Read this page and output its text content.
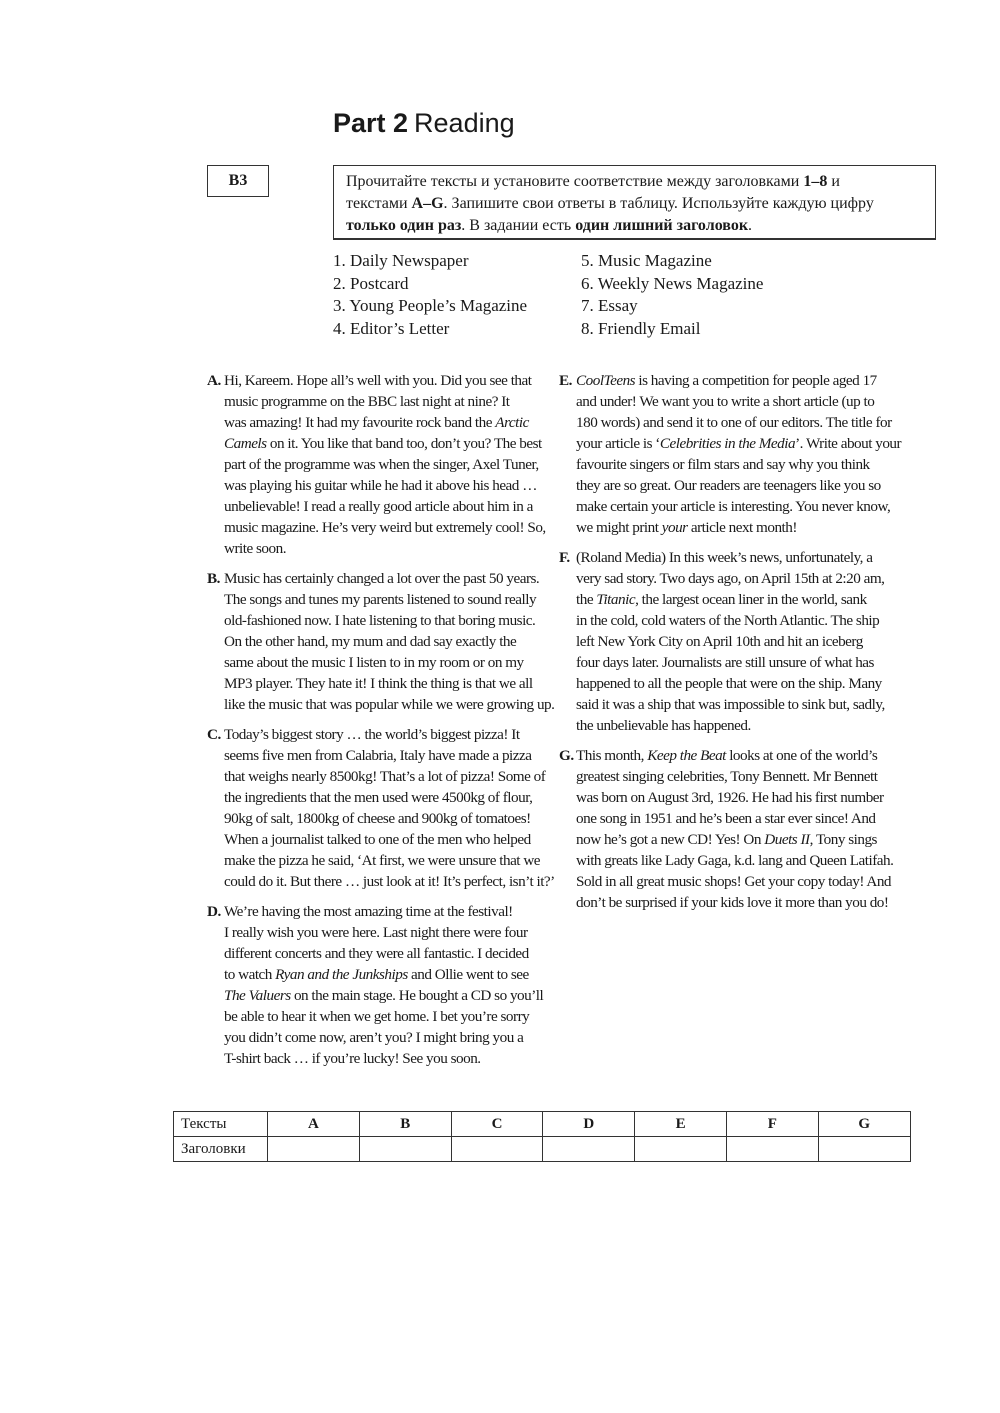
Part 2 Reading
B3	Прочитайте тексты и установите соответствие между заголовками 1–8 и
текстами A–G. Запишите свои ответы в таблицу. Используйте каждую цифру
только один раз. В задании есть один лишний заголовок.
1. Daily Newspaper
2. Postcard
3. Young People’s Magazine
4. Editor’s Letter
5. Music Magazine
6. Weekly News Magazine
7. Essay
8. Friendly Email
A. Hi, Kareem. Hope all’s well with you. Did you see that
music programme on the BBC last night at nine? It
was amazing! It had my favourite rock band the Arctic
Camels on it. You like that band too, don’t you? The best
part of the programme was when the singer, Axel Tuner,
was playing his guitar while he had it above his head …
unbelievable! I read a really good article about him in a
music magazine. He’s very weird but extremely cool! So,
write soon.
B. Music has certainly changed a lot over the past 50 years.
The songs and tunes my parents listened to sound really
old-fashioned now. I hate listening to that boring music.
On the other hand, my mum and dad say exactly the
same about the music I listen to in my room or on my
MP3 player. They hate it! I think the thing is that we all
like the music that was popular while we were growing up.
C. Today’s biggest story … the world’s biggest pizza! It
seems five men from Calabria, Italy have made a pizza
that weighs nearly 8500kg! That’s a lot of pizza! Some of
the ingredients that the men used were 4500kg of flour,
90kg of salt, 1800kg of cheese and 900kg of tomatoes!
When a journalist talked to one of the men who helped
make the pizza he said, ‘At first, we were unsure that we
could do it. But there … just look at it! It’s perfect, isn’t it?’
D. We’re having the most amazing time at the festival!
I really wish you were here. Last night there were four
different concerts and they were all fantastic. I decided
to watch Ryan and the Junkships and Ollie went to see
The Valuers on the main stage. He bought a CD so you’ll
be able to hear it when we get home. I bet you’re sorry
you didn’t come now, aren’t you? I might bring you a
T-shirt back … if you’re lucky! See you soon.
E. CoolTeens is having a competition for people aged 17
and under! We want you to write a short article (up to
180 words) and send it to one of our editors. The title for
your article is ‘Celebrities in the Media’. Write about your
favourite singers or film stars and say why you think
they are so great. Our readers are teenagers like you so
make certain your article is interesting. You never know,
we might print your article next month!
F. (Roland Media) In this week’s news, unfortunately, a
very sad story. Two days ago, on April 15th at 2:20 am,
the Titanic, the largest ocean liner in the world, sank
in the cold, cold waters of the North Atlantic. The ship
left New York City on April 10th and hit an iceberg
four days later. Journalists are still unsure of what has
happened to all the people that were on the ship. Many
said it was a ship that was impossible to sink but, sadly,
the unbelievable has happened.
G. This month, Keep the Beat looks at one of the world’s
greatest singing celebrities, Tony Bennett. Mr Bennett
was born on August 3rd, 1926. He had his first number
one song in 1951 and he’s been a star ever since! And
now he’s got a new CD! Yes! On Duets II, Tony sings
with greats like Lady Gaga, k.d. lang and Queen Latifah.
Sold in all great music shops! Get your copy today! And
don’t be surprised if your kids love it more than you do!
Тексты	A	B	C	D	E	F	G
Заголовки							
